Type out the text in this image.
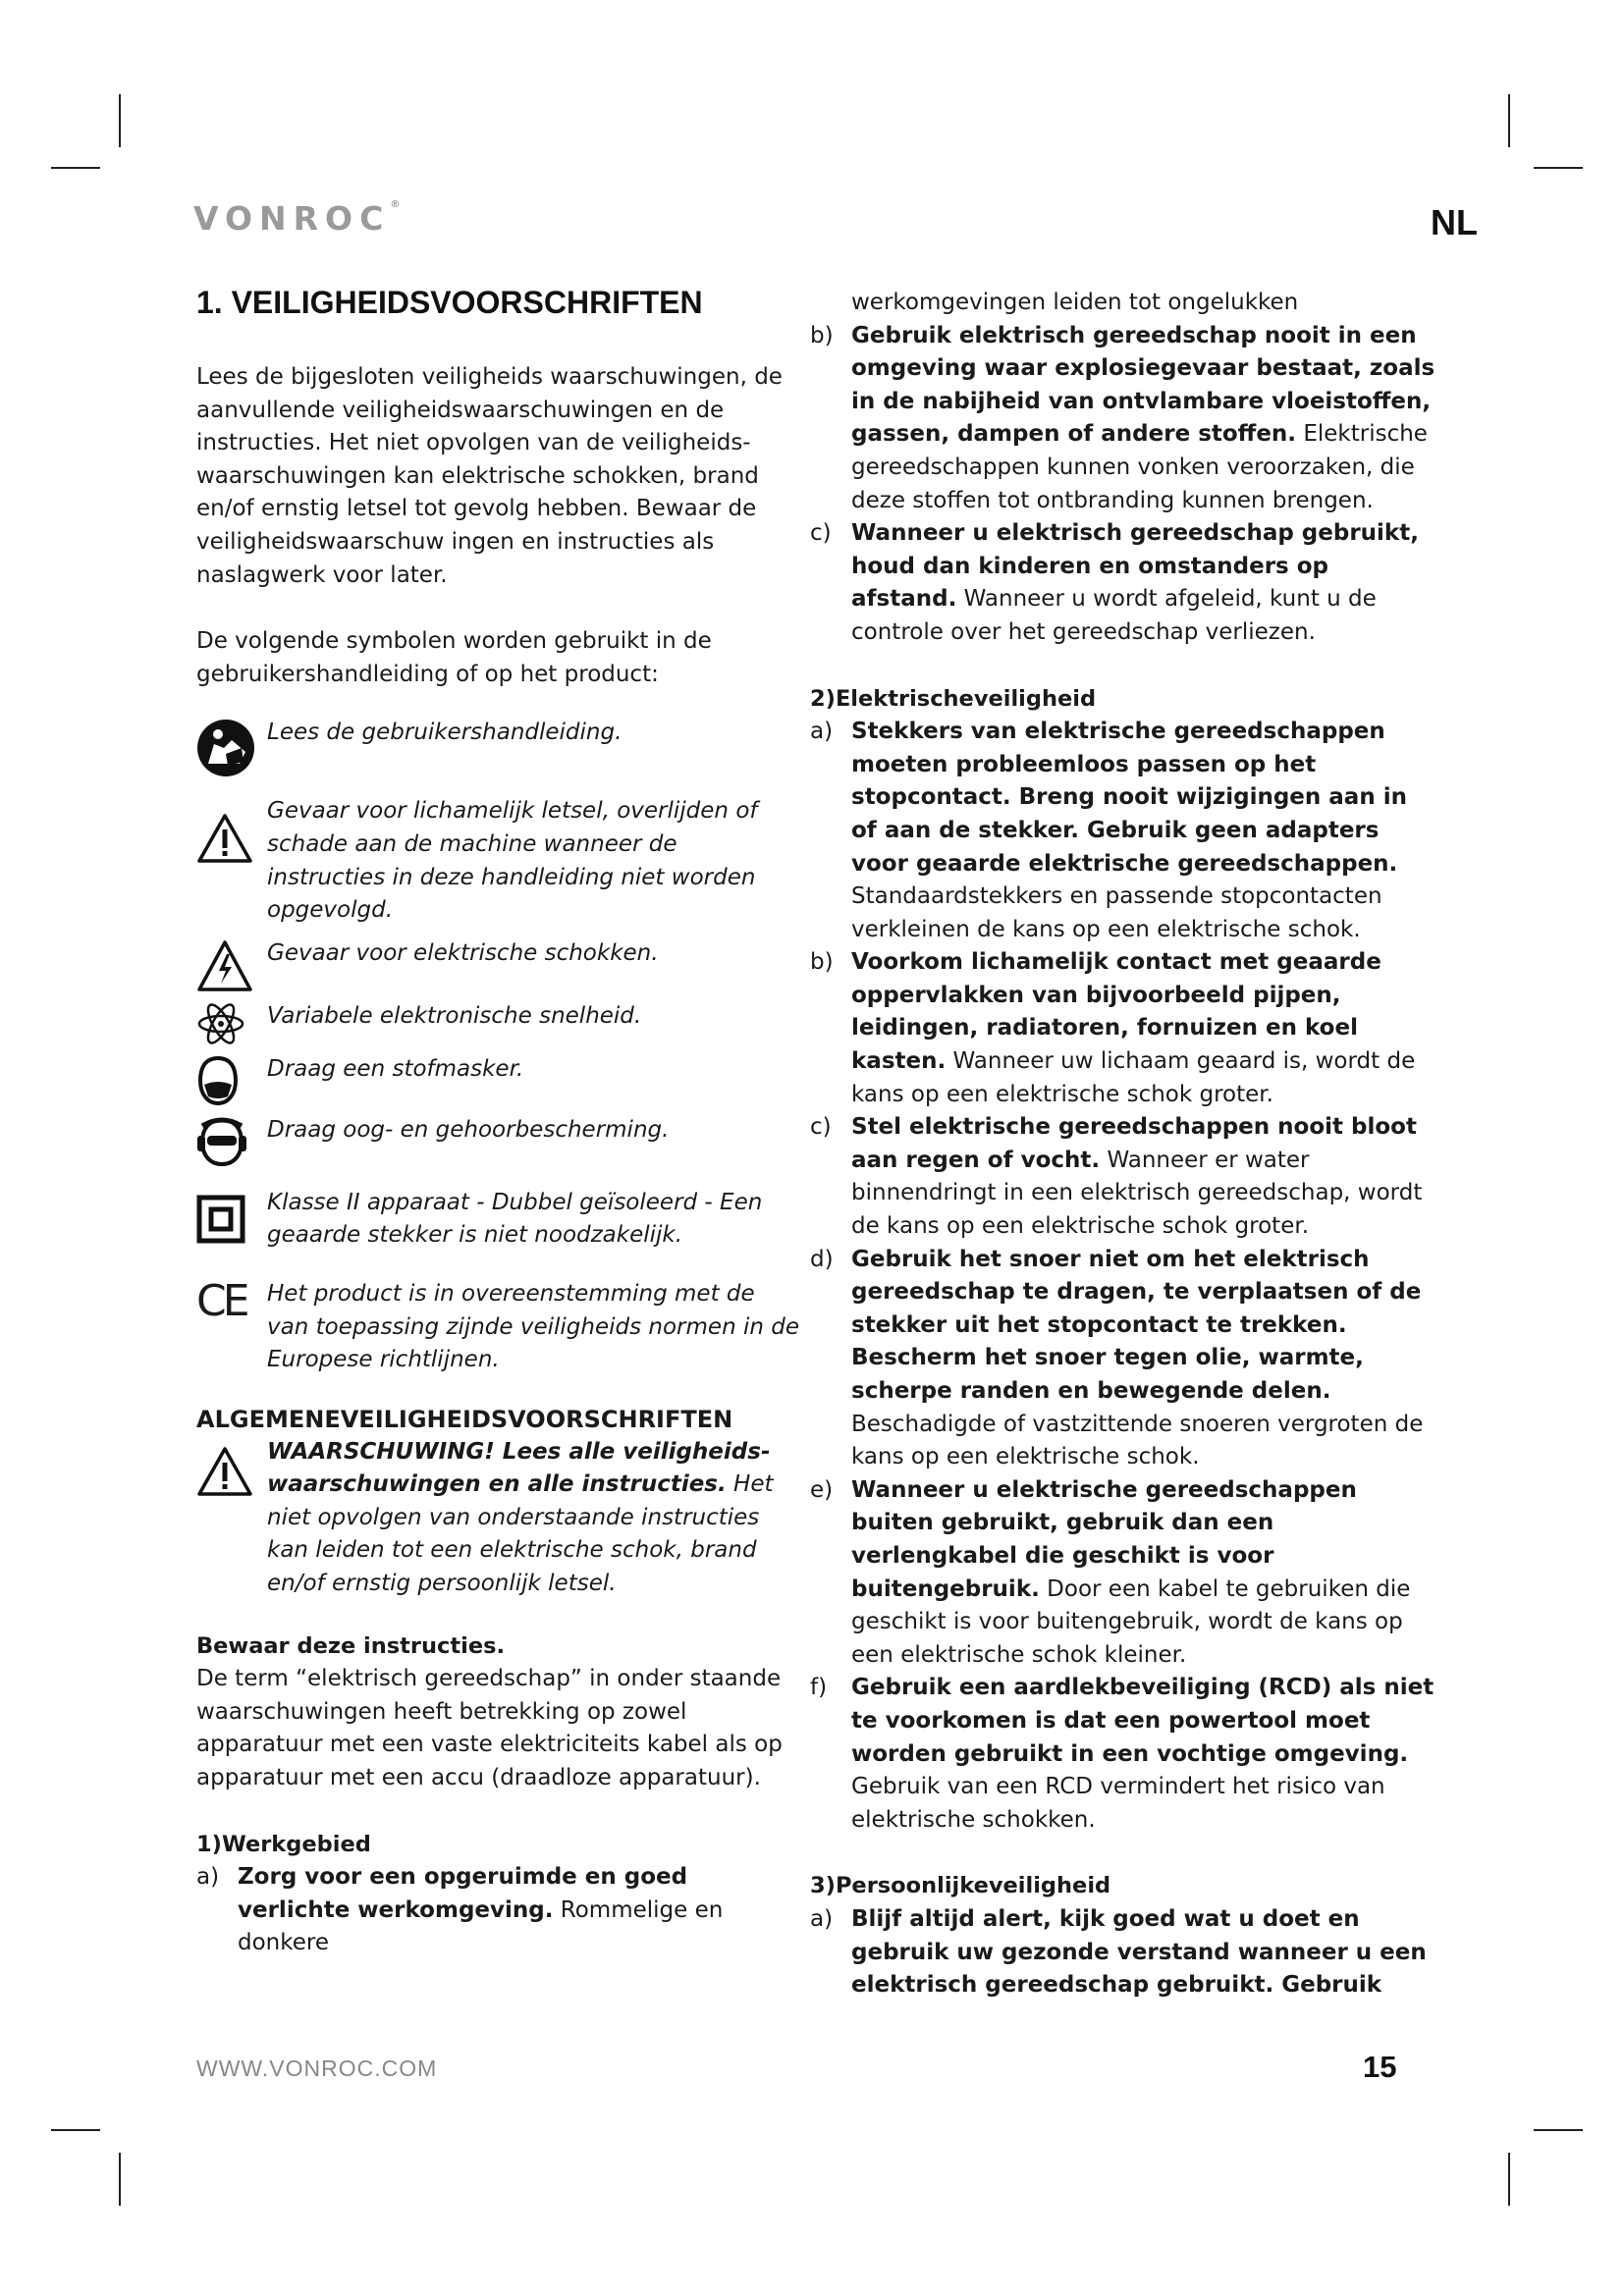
VONROC®	NL
1. VEILIGHEIDSVOORSCHRIFTEN

Lees de bijgesloten veiligheids waarschuwingen, de aanvullende veiligheidswaarschuwingen en de instructies. Het niet opvolgen van de veiligheids- waarschuwingen kan elektrische schokken, brand en/of ernstig letsel tot gevolg hebben. Bewaar de veiligheidswaarschuw ingen en instructies als naslagwerk voor later.

De volgende symbolen worden gebruikt in de gebruikershandleiding of op het product:

Lees de gebruikershandleiding.
Gevaar voor lichamelijk letsel, overlijden of schade aan de machine wanneer de instructies in deze handleiding niet worden opgevolgd.
Gevaar voor elektrische schokken.
Variabele elektronische snelheid.
Draag een stofmasker.
Draag oog- en gehoorbescherming.
Klasse II apparaat - Dubbel geïsoleerd - Een geaarde stekker is niet noodzakelijk.
CE Het product is in overeenstemming met de van toepassing zijnde veiligheids normen in de Europese richtlijnen.
ALGEMENEVEILIGHEIDSVOORSCHRIFTEN
WAARSCHUWING! Lees alle veiligheids- waarschuwingen en alle instructies. Het niet opvolgen van onderstaande instructies kan leiden tot een elektrische schok, brand en/of ernstig persoonlijk letsel.

Bewaar deze instructies.

De term “elektrisch gereedschap” in onder staande waarschuwingen heeft betrekking op zowel apparatuur met een vaste elektriciteits kabel als op apparatuur met een accu (draadloze apparatuur).

1)Werkgebied

a) Zorg voor een opgeruimde en goed verlichte werkomgeving. Rommelige en donkere
werkomgevingen leiden tot ongelukken
b) Gebruik elektrisch gereedschap nooit in een omgeving waar explosiegevaar bestaat, zoals in de nabijheid van ontvlambare vloeistoffen, gassen, dampen of andere stoffen. Elektrische gereedschappen kunnen vonken veroorzaken, die deze stoffen tot ontbranding kunnen brengen.
c) Wanneer u elektrisch gereedschap gebruikt, houd dan kinderen en omstanders op afstand. Wanneer u wordt afgeleid, kunt u de controle over het gereedschap verliezen.

2)Elektrischeveiligheid

a) Stekkers van elektrische gereedschappen moeten probleemloos passen op het stopcontact. Breng nooit wijzigingen aan in of aan de stekker. Gebruik geen adapters voor geaarde elektrische gereedschappen. Standaardstekkers en passende stopcontacten verkleinen de kans op een elektrische schok.
b) Voorkom lichamelijk contact met geaarde oppervlakken van bijvoorbeeld pijpen, leidingen, radiatoren, fornuizen en koel kasten. Wanneer uw lichaam geaard is, wordt de kans op een elektrische schok groter.
c) Stel elektrische gereedschappen nooit bloot aan regen of vocht. Wanneer er water binnendringt in een elektrisch gereedschap, wordt de kans op een elektrische schok groter.
d) Gebruik het snoer niet om het elektrisch gereedschap te dragen, te verplaatsen of de stekker uit het stopcontact te trekken. Bescherm het snoer tegen olie, warmte, scherpe randen en bewegende delen. Beschadigde of vastzittende snoeren vergroten de kans op een elektrische schok.
e) Wanneer u elektrische gereedschappen buiten gebruikt, gebruik dan een verlengkabel die geschikt is voor buitengebruik. Door een kabel te gebruiken die geschikt is voor buitengebruik, wordt de kans op een elektrische schok kleiner.
f)	Gebruik een aardlekbeveiliging (RCD) als niet te voorkomen is dat een powertool moet worden gebruikt in een vochtige omgeving. Gebruik van een RCD vermindert het risico van elektrische schokken.

3)Persoonlijkeveiligheid

a) Blijf altijd alert, kijk goed wat u doet en gebruik uw gezonde verstand wanneer u een elektrisch gereedschap gebruikt. Gebruik
WWW.VONROC.COM	15
